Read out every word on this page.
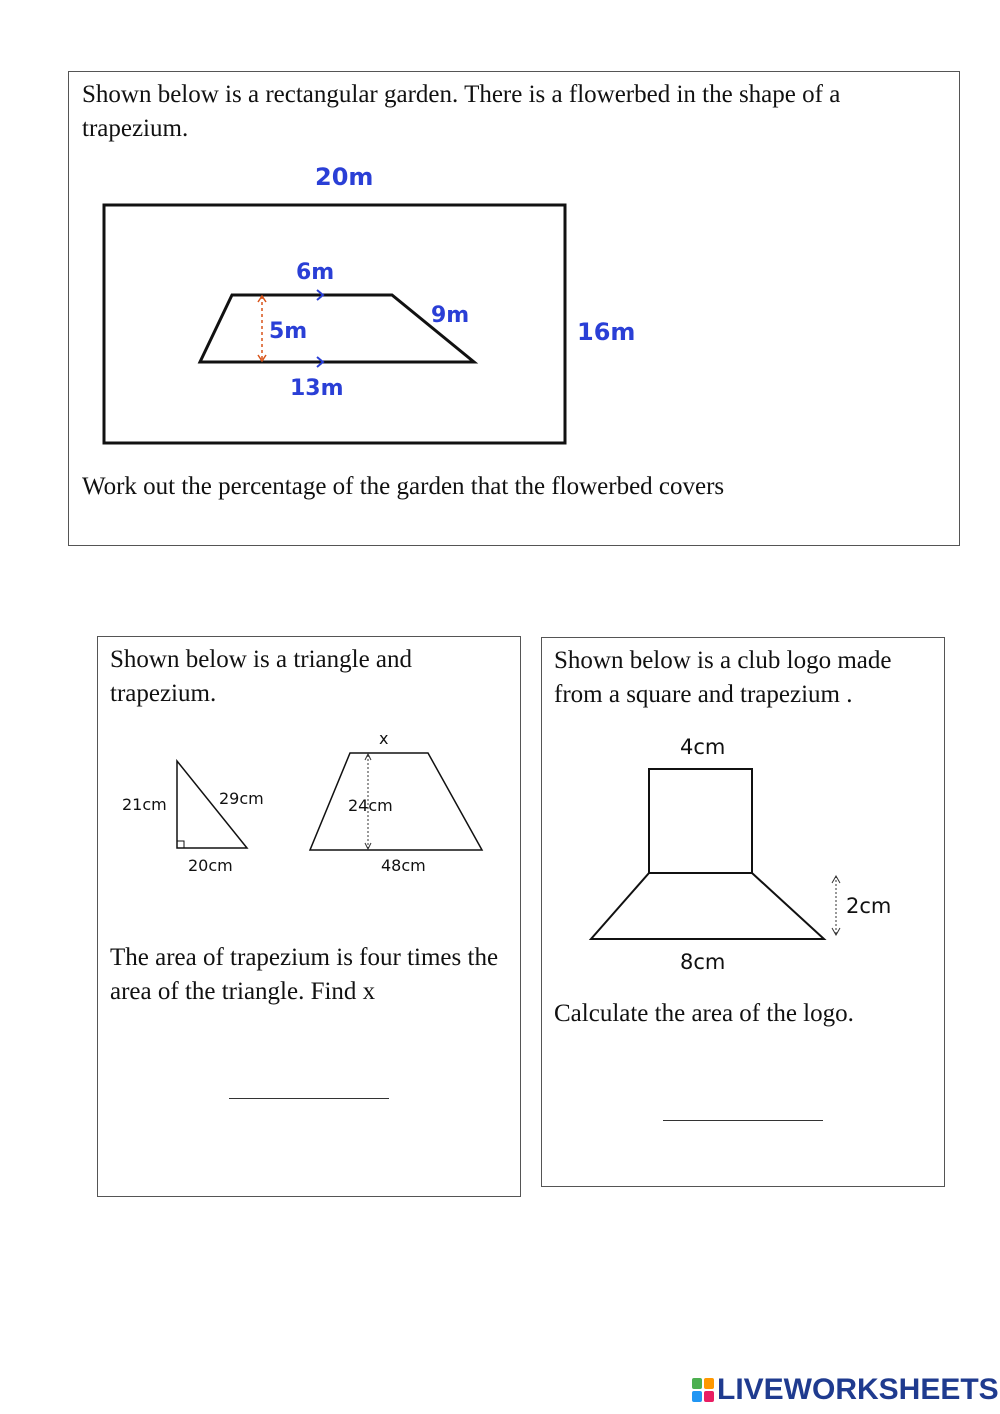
Shown below is a rectangular garden. There is a flowerbed in the shape of a trapezium.

20m
16m
6m
9m
5m
13m

Work out the percentage of the garden that the flowerbed covers

Shown below is a triangle and trapezium.

21cm	29cm
20cm
x
24cm
48cm

The area of trapezium is four times the area of the triangle. Find x

Shown below is a club logo made from a square and trapezium .

4cm
2cm
8cm

Calculate the area of the logo.

LIVEWORKSHEETS
